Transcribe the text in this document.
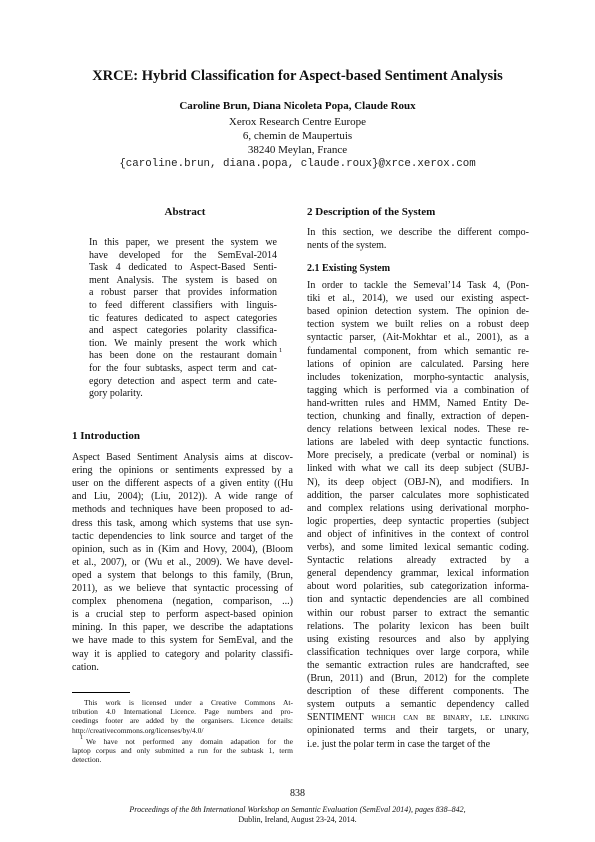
XRCE: Hybrid Classification for Aspect-based Sentiment Analysis
Caroline Brun, Diana Nicoleta Popa, Claude Roux
Xerox Research Centre Europe
6, chemin de Maupertuis
38240 Meylan, France
{caroline.brun, diana.popa, claude.roux}@xrce.xerox.com
Abstract
In this paper, we present the system we
have developed for the SemEval-2014
Task 4 dedicated to Aspect-Based Senti-
ment Analysis. The system is based on
a robust parser that provides information
to feed different classifiers with linguis-
tic features dedicated to aspect categories
and aspect categories polarity classifica-
tion. We mainly present the work which
has been done on the restaurant domain
for the four subtasks, aspect term and cat-
egory detection and aspect term and cate-
gory polarity.
1
1 Introduction
Aspect Based Sentiment Analysis aims at discov-
ering the opinions or sentiments expressed by a
user on the different aspects of a given entity ((Hu
and Liu, 2004); (Liu, 2012)). A wide range of
methods and techniques have been proposed to ad-
dress this task, among which systems that use syn-
tactic dependencies to link source and target of the
opinion, such as in (Kim and Hovy, 2004), (Bloom
et al., 2007), or (Wu et al., 2009). We have devel-
oped a system that belongs to this family, (Brun,
2011), as we believe that syntactic processing of
complex phenomena (negation, comparison, ...)
is a crucial step to perform aspect-based opinion
mining. In this paper, we describe the adaptations
we have made to this system for SemEval, and the
way it is applied to category and polarity classifi-
cation.
This work is licensed under a Creative Commons At-
tribution 4.0 International Licence. Page numbers and pro-
ceedings footer are added by the organisers. Licence details:
http://creativecommons.org/licenses/by/4.0/
1 We have not performed any domain adapation for the
laptop corpus and only submitted a run for the subtask 1, term
detection.
2 Description of the System
In this section, we describe the different compo-
nents of the system.
2.1 Existing System
In order to tackle the Semeval’14 Task 4, (Pon-
tiki et al., 2014), we used our existing aspect-
based opinion detection system. The opinion de-
tection system we built relies on a robust deep
syntactic parser, (Ait-Mokhtar et al., 2001), as a
fundamental component, from which semantic re-
lations of opinion are calculated. Parsing here
includes tokenization, morpho-syntactic analysis,
tagging which is performed via a combination of
hand-written rules and HMM, Named Entity De-
tection, chunking and finally, extraction of depen-
dency relations between lexical nodes. These re-
lations are labeled with deep syntactic functions.
More precisely, a predicate (verbal or nominal) is
linked with what we call its deep subject (SUBJ-
N), its deep object (OBJ-N), and modifiers. In
addition, the parser calculates more sophisticated
and complex relations using derivational morpho-
logic properties, deep syntactic properties (subject
and object of infinitives in the context of control
verbs), and some limited lexical semantic coding.
Syntactic relations already extracted by a
general dependency grammar, lexical information
about word polarities, sub categorization informa-
tion and syntactic dependencies are all combined
within our robust parser to extract the semantic
relations. The polarity lexicon has been built
using existing resources and also by applying
classification techniques over large corpora, while
the semantic extraction rules are handcrafted, see
(Brun, 2011) and (Brun, 2012) for the complete
description of these different components. The
system outputs a semantic dependency called
SENTIMENT which can be binary, i.e. linking
opinionated terms and their targets, or unary,
i.e. just the polar term in case the target of the
838
Proceedings of the 8th International Workshop on Semantic Evaluation (SemEval 2014), pages 838–842,
Dublin, Ireland, August 23-24, 2014.
